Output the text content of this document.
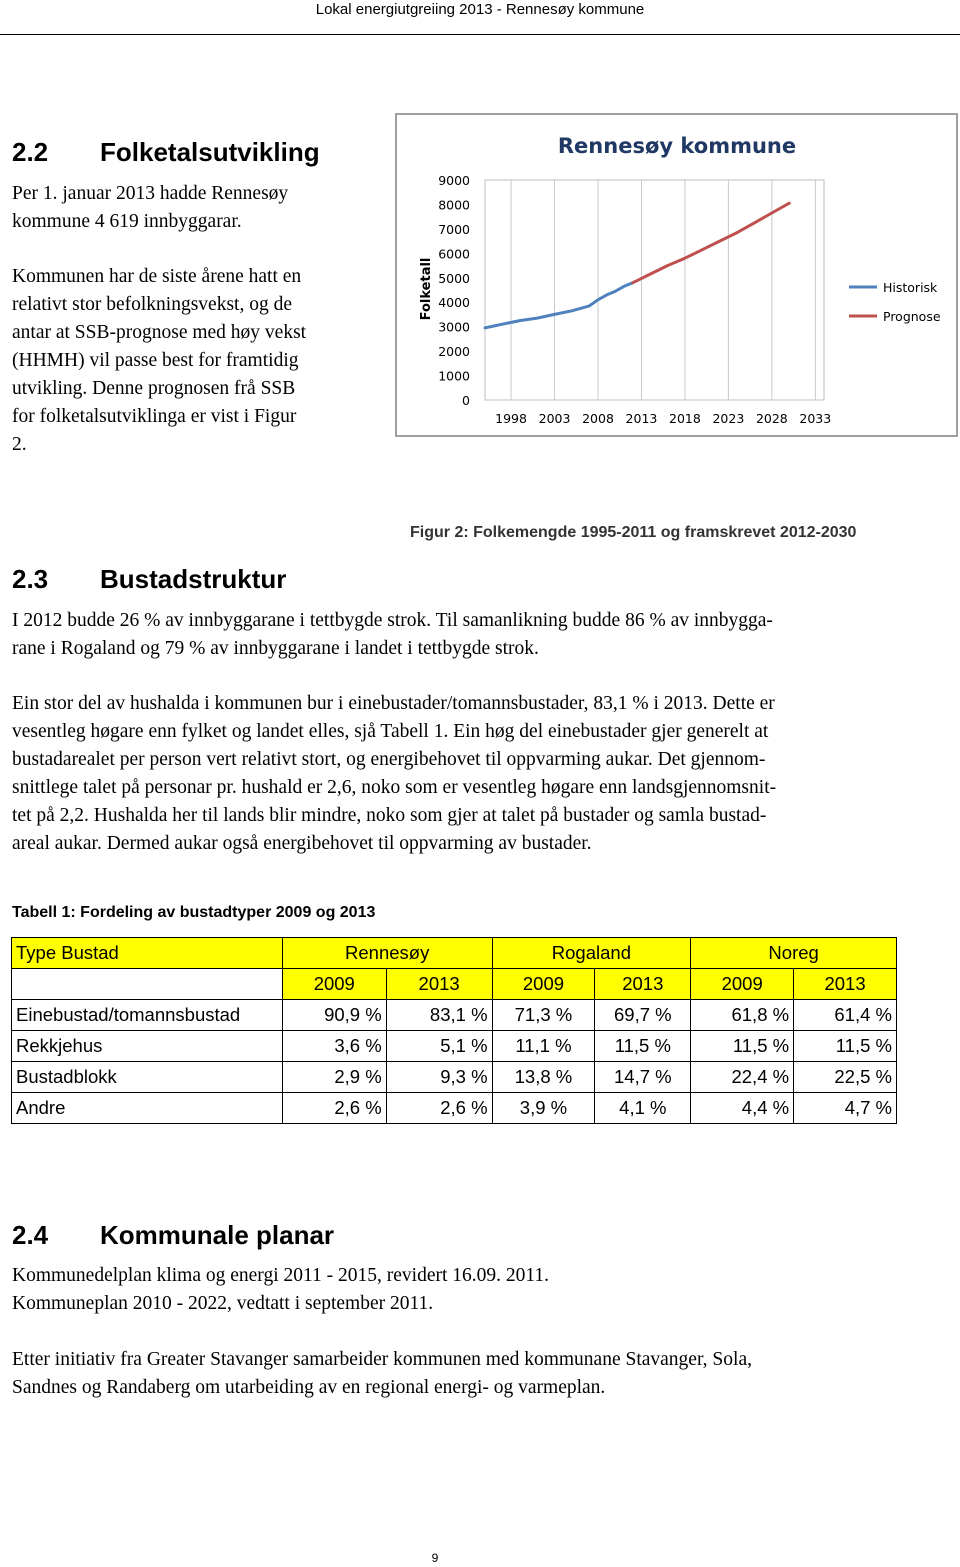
Lokal energiutgreiing 2013 - Rennesøy kommune
2.2 Folketalsutvikling

Per 1. januar 2013 hadde Rennesøy

kommune 4 619 innbyggarar.

Kommunen har de siste årene hatt en

relativt stor befolkningsvekst, og de

antar at SSB-prognose med høy vekst

(HHMH) vil passe best for framtidig

utvikling. Denne prognosen frå SSB

for folketalsutviklinga er vist i Figur

2.

Rennesøy kommune
Folketall
1998 2003 2008 2013 2018 2023 2028 2033
0
1000
2000
3000
4000
5000
6000
7000
8000
9000
Historisk
Prognose
Figur 2: Folkemengde 1995-2011 og framskrevet 2012-2030
2.3 Bustadstruktur

I 2012 budde 26 % av innbyggarane i tettbygde strok. Til samanlikning budde 86 % av innbygga-

rane i Rogaland og 79 % av innbyggarane i landet i tettbygde strok.

Ein stor del av hushalda i kommunen bur i einebustader/tomannsbustader, 83,1 % i 2013. Dette er

vesentleg høgare enn fylket og landet elles, sjå Tabell 1. Ein høg del einebustader gjer generelt at

bustadarealet per person vert relativt stort, og energibehovet til oppvarming aukar. Det gjennom-

snittlege talet på personar pr. hushald er 2,6, noko som er vesentleg høgare enn landsgjennomsnit-

tet på 2,2. Hushalda her til lands blir mindre, noko som gjer at talet på bustader og samla bustad-

areal aukar. Dermed aukar også energibehovet til oppvarming av bustader.

Tabell 1: Fordeling av bustadtyper 2009 og 2013
Type Bustad	Rennesøy		Rogaland		Noreg	
	2009	2013	2009	2013	2009	2013
Einebustad/tomannsbustad	90,9 %	83,1 %	71,3 %	69,7 %	61,8 %	61,4 %
Rekkjehus	3,6 %	5,1 %	11,1 %	11,5 %	11,5 %	11,5 %
Bustadblokk	2,9 %	9,3 %	13,8 %	14,7 %	22,4 %	22,5 %
Andre	2,6 %	2,6 %	3,9 %	4,1 %	4,4 %	4,7 %
2.4 Kommunale planar

Kommunedelplan klima og energi 2011 - 2015, revidert 16.09. 2011.

Kommuneplan 2010 - 2022, vedtatt i september 2011.

Etter initiativ fra Greater Stavanger samarbeider kommunen med kommunane Stavanger, Sola,

Sandnes og Randaberg om utarbeiding av en regional energi- og varmeplan.

9
